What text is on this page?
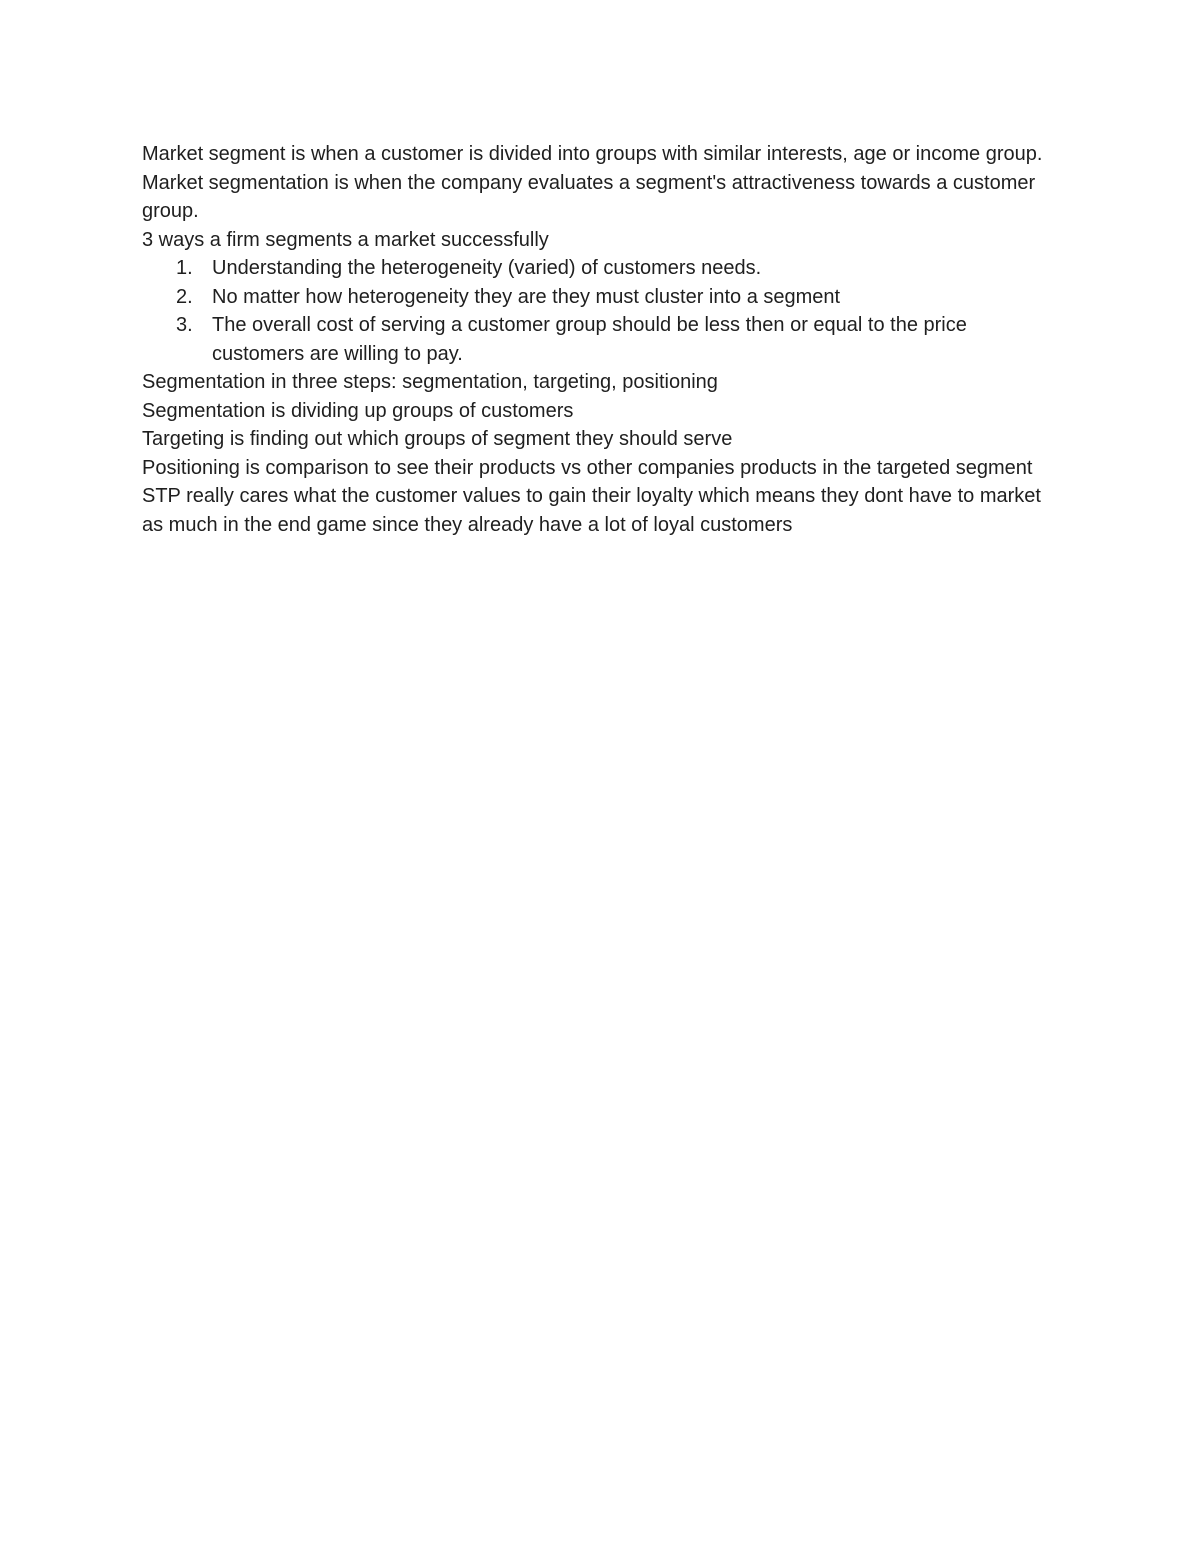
Market segment is when a customer is divided into groups with similar interests, age or income group.

Market segmentation is when the company evaluates a segment's attractiveness towards a customer group.

3 ways a firm segments a market successfully

1. Understanding the heterogeneity (varied) of customers needs.
2. No matter how heterogeneity they are they must cluster into a segment
3. The overall cost of serving a customer group should be less then or equal to the price customers are willing to pay.

Segmentation in three steps: segmentation, targeting, positioning

Segmentation is dividing up groups of customers

Targeting is finding out which groups of segment they should serve

Positioning is comparison to see their products vs other companies products in the targeted segment

STP really cares what the customer values to gain their loyalty which means they dont have to market as much in the end game since they already have a lot of loyal customers
